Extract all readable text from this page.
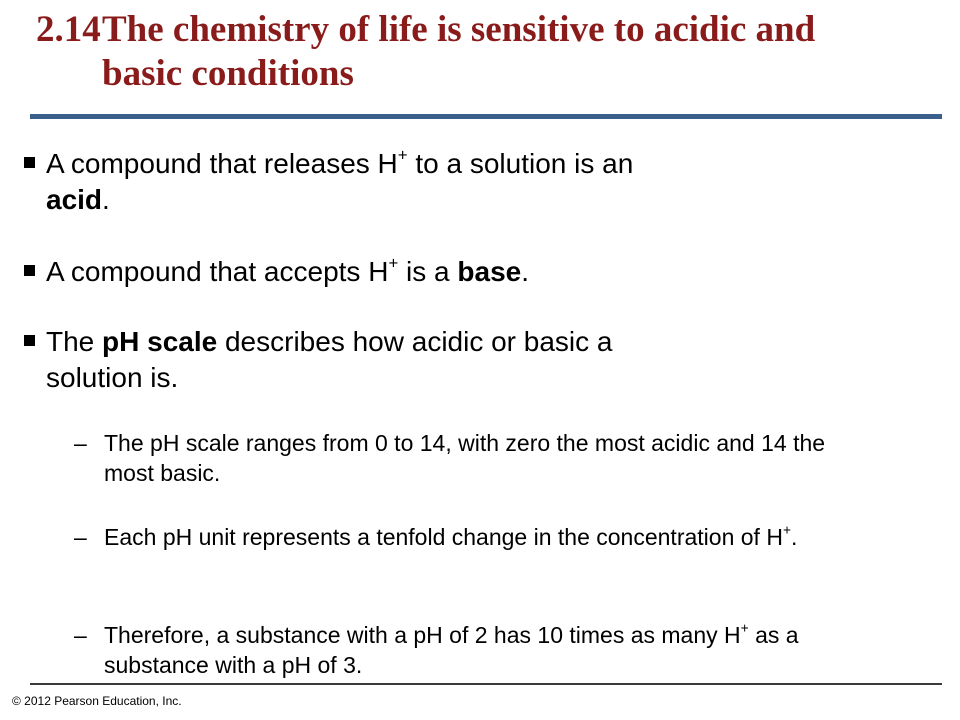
2.14 The chemistry of life is sensitive to acidic and
basic conditions
A compound that releases H+ to a solution is an
acid.
A compound that accepts H+ is a base.
The pH scale describes how acidic or basic a
solution is.
– The pH scale ranges from 0 to 14, with zero the most acidic and 14 the most basic.
– Each pH unit represents a tenfold change in the concentration of H+.
– Therefore, a substance with a pH of 2 has 10 times as many H+ as a substance with a pH of 3.
© 2012 Pearson Education, Inc.
